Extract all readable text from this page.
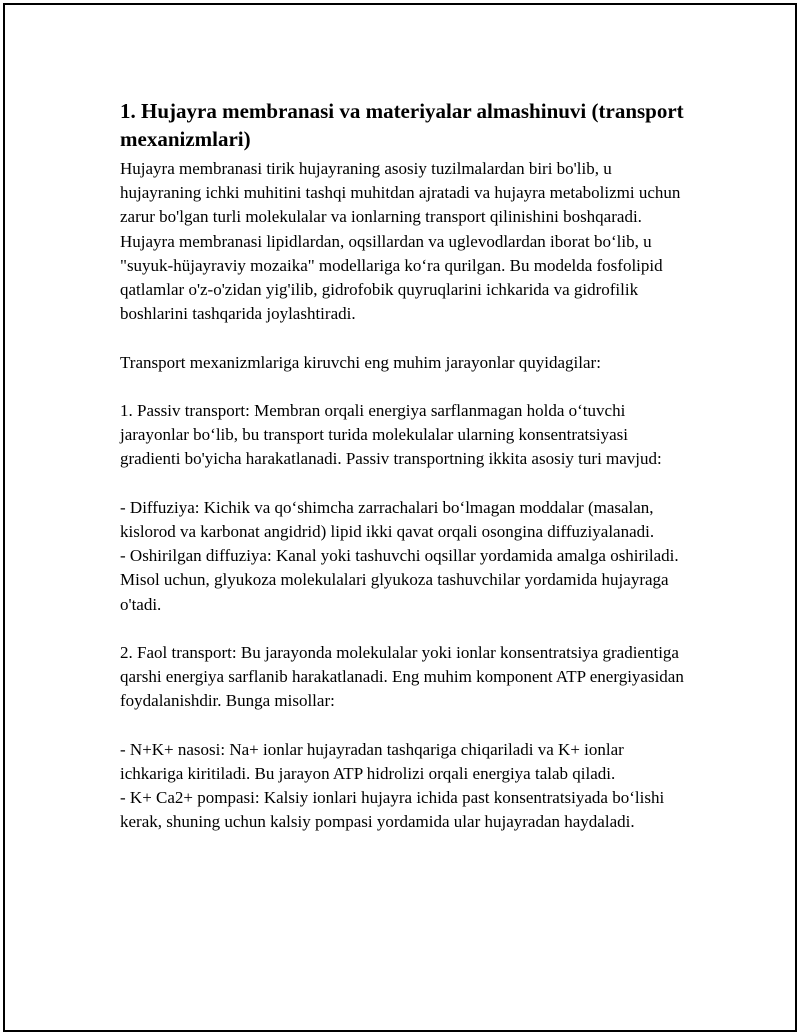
1. Hujayra membranasi va materiyalar almashinuvi (transport mexanizmlari)

Hujayra membranasi tirik hujayraning asosiy tuzilmalardan biri bo'lib, u hujayraning ichki muhitini tashqi muhitdan ajratadi va hujayra metabolizmi uchun zarur bo'lgan turli molekulalar va ionlarning transport qilinishini boshqaradi. Hujayra membranasi lipidlardan, oqsillardan va uglevodlardan iborat bo‘lib, u "suyuk-hüjayraviy mozaika" modellariga ko‘ra qurilgan. Bu modelda fosfolipid qatlamlar o'z-o'zidan yig'ilib, gidrofobik quyruqlarini ichkarida va gidrofilik boshlarini tashqarida joylashtiradi.

Transport mexanizmlariga kiruvchi eng muhim jarayonlar quyidagilar:

1. Passiv transport: Membran orqali energiya sarflanmagan holda o‘tuvchi jarayonlar bo‘lib, bu transport turida molekulalar ularning konsentratsiyasi gradienti bo'yicha harakatlanadi. Passiv transportning ikkita asosiy turi mavjud:

- Diffuziya: Kichik va qo‘shimcha zarrachalari bo‘lmagan moddalar (masalan, kislorod va karbonat angidrid) lipid ikki qavat orqali osongina diffuziyalanadi.
- Oshirilgan diffuziya: Kanal yoki tashuvchi oqsillar yordamida amalga oshiriladi. Misol uchun, glyukoza molekulalari glyukoza tashuvchilar yordamida hujayraga o'tadi.

2. Faol transport: Bu jarayonda molekulalar yoki ionlar konsentratsiya gradientiga qarshi energiya sarflanib harakatlanadi. Eng muhim komponent ATP energiyasidan foydalanishdir. Bunga misollar:

- N+K+ nasosi: Na+ ionlar hujayradan tashqariga chiqariladi va K+ ionlar ichkariga kiritiladi. Bu jarayon ATP hidrolizi orqali energiya talab qiladi.
- K+ Ca2+ pompasi: Kalsiy ionlari hujayra ichida past konsentratsiyada bo‘lishi kerak, shuning uchun kalsiy pompasi yordamida ular hujayradan haydaladi.
